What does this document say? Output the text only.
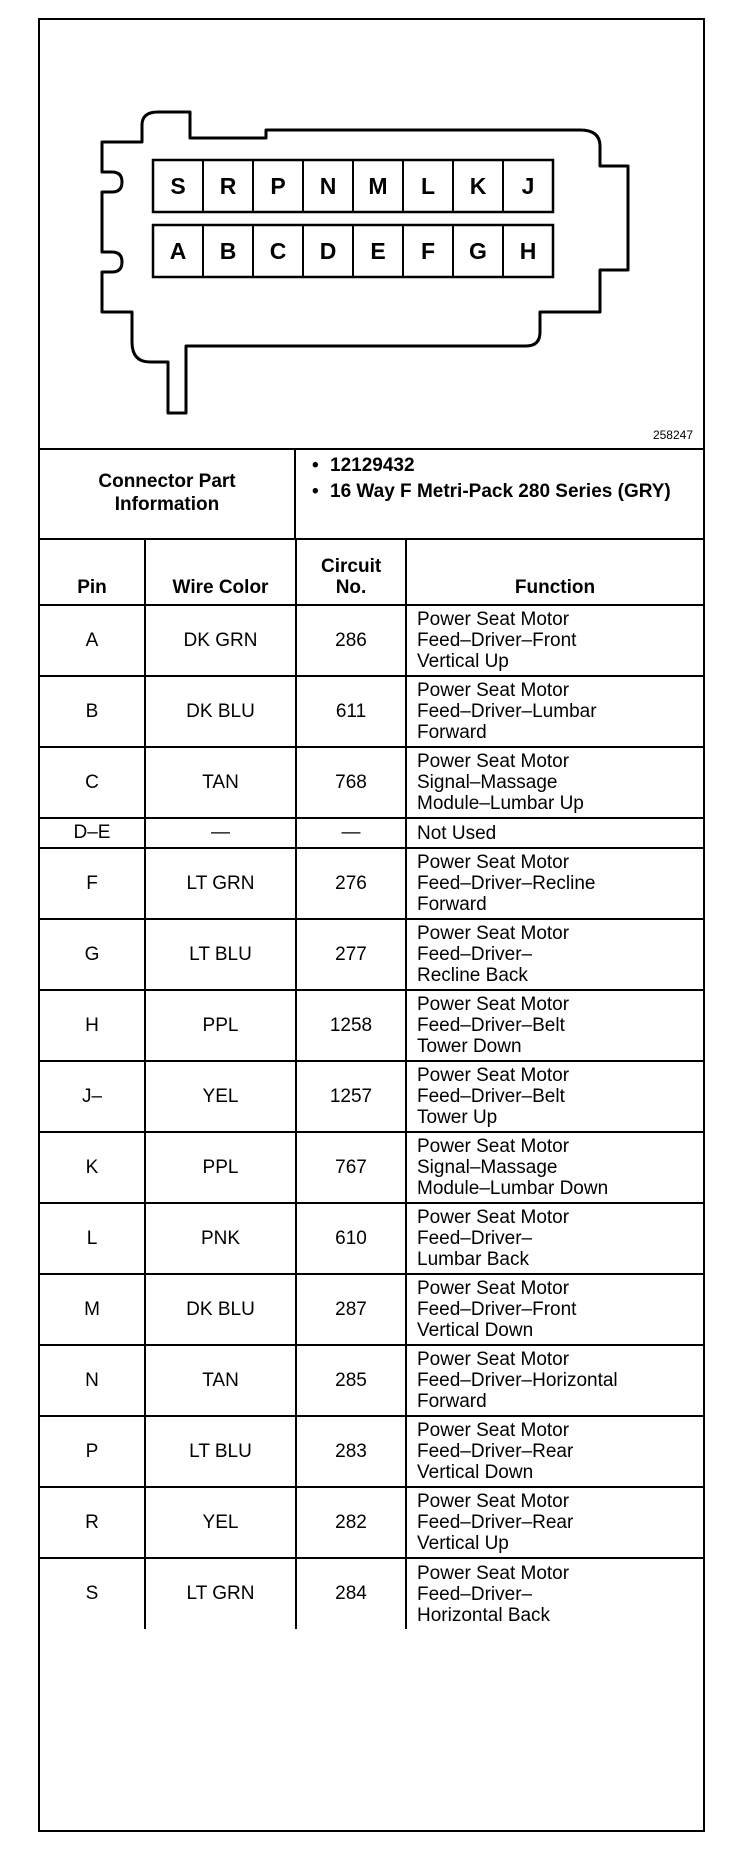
S R P N M L K J
A B C D E F G H
258247
Connector Part Information
• 12129432
• 16 Way F Metri-Pack 280 Series (GRY)
Pin	Wire Color	Circuit No.	Function
A	DK GRN	286	Power Seat Motor
Feed–Driver–Front
Vertical Up

B	DK BLU	611	Power Seat Motor
Feed–Driver–Lumbar
Forward

C	TAN	768	Power Seat Motor
Signal–Massage
Module–Lumbar Up

D–E	—	—	Not Used

F	LT GRN	276	Power Seat Motor
Feed–Driver–Recline
Forward

G	LT BLU	277	Power Seat Motor
Feed–Driver–
Recline Back

H	PPL	1258	Power Seat Motor
Feed–Driver–Belt
Tower Down

J–	YEL	1257	Power Seat Motor
Feed–Driver–Belt
Tower Up

K	PPL	767	Power Seat Motor
Signal–Massage
Module–Lumbar Down

L	PNK	610	Power Seat Motor
Feed–Driver–
Lumbar Back

M	DK BLU	287	Power Seat Motor
Feed–Driver–Front
Vertical Down

N	TAN	285	Power Seat Motor
Feed–Driver–Horizontal
Forward

P	LT BLU	283	Power Seat Motor
Feed–Driver–Rear
Vertical Down

R	YEL	282	Power Seat Motor
Feed–Driver–Rear
Vertical Up

S	LT GRN	284	Power Seat Motor
Feed–Driver–
Horizontal Back
